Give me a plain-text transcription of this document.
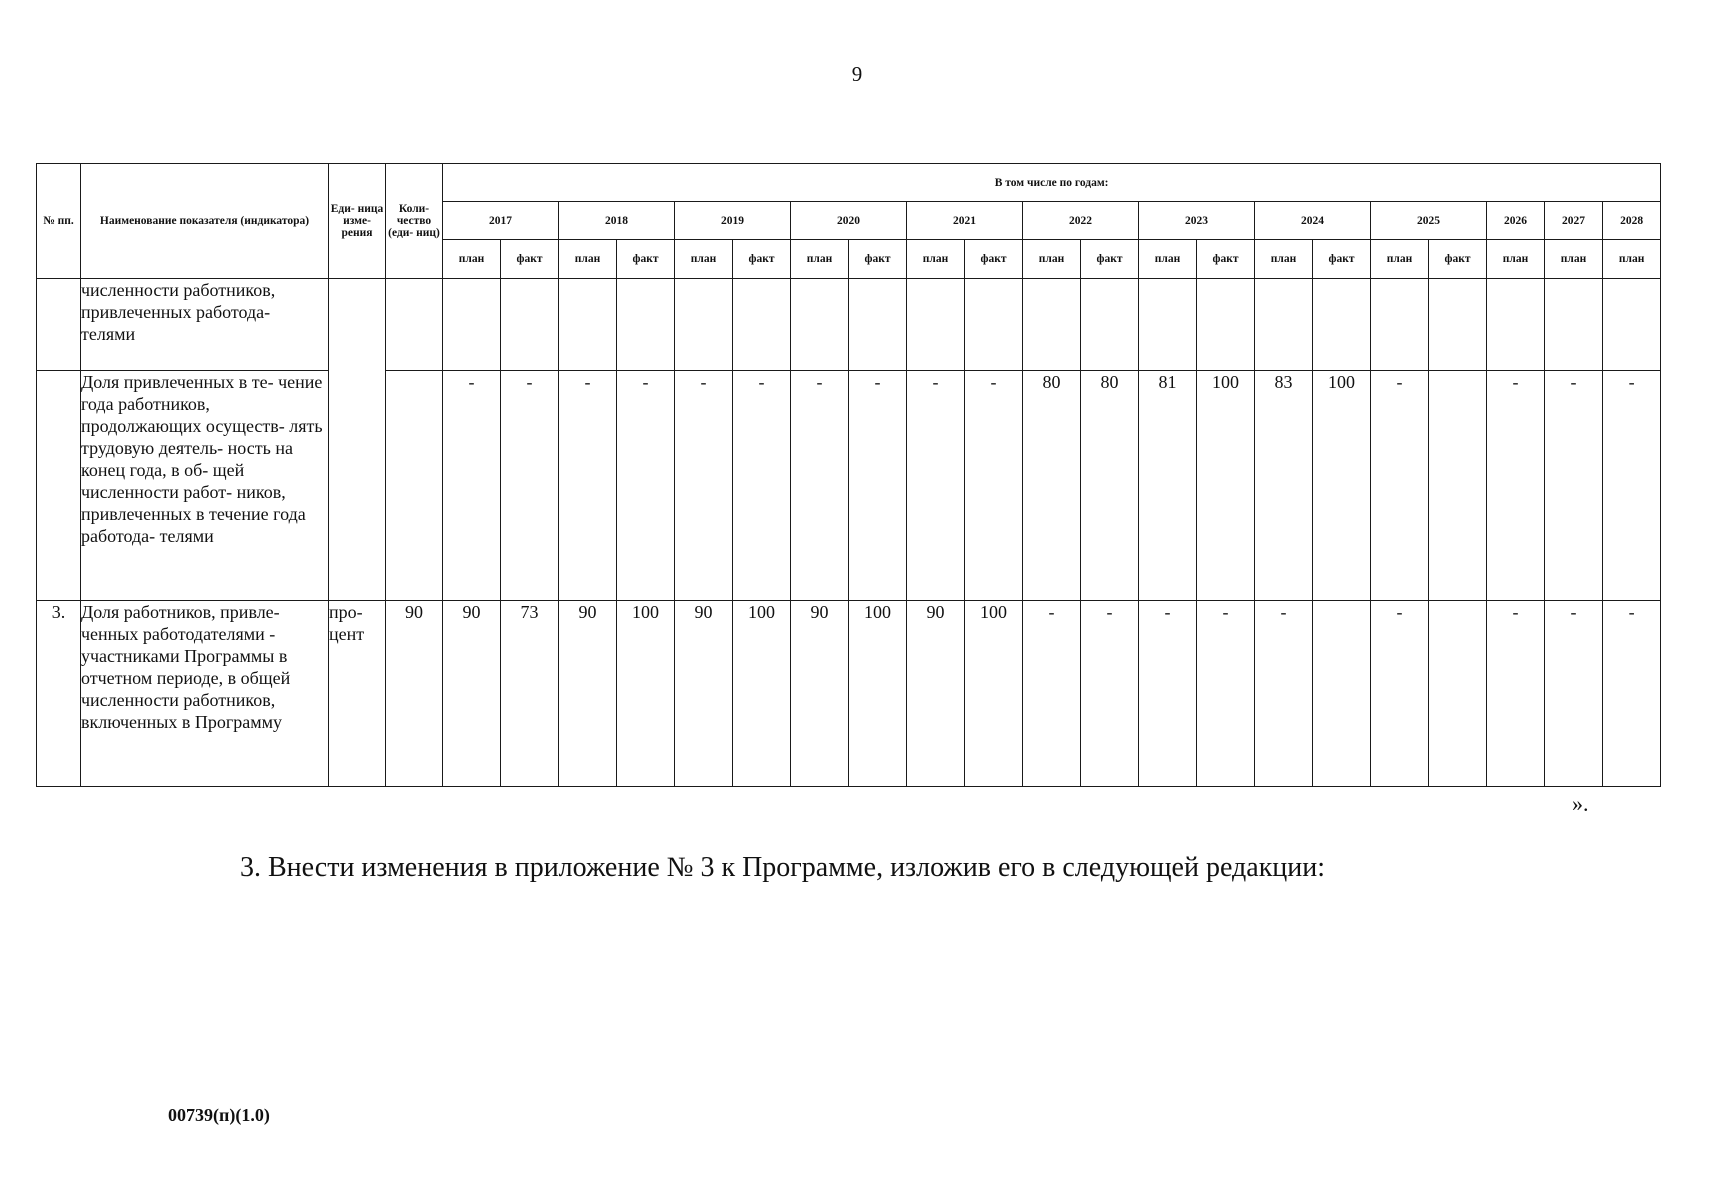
9
№ пп.	Наименование показателя (индикатора)	Еди- ница изме- рения	Коли- чество (еди- ниц)	В том числе по годам:																				
				2017		2018		2019		2020		2021		2022		2023		2024		2025		2026	2027	2028
				план	факт	план	факт	план	факт	план	факт	план	факт	план	факт	план	факт	план	факт	план	факт	план	план	план
	численности работников, привлеченных работода- телями																							
	Доля привлеченных в те- чение года работников, продолжающих осуществ- лять трудовую деятель- ность на конец года, в об- щей численности работ- ников, привлеченных в течение года работода- телями			-	-	-	-	-	-	-	-	-	-	80	80	81	100	83	100	-		-	-	-
3.	Доля работников, привле- ченных работодателями - участниками Программы в отчетном периоде, в общей численности работников, включенных в Программу	про- цент	90	90	73	90	100	90	100	90	100	90	100	-	-	-	-	-		-		-	-	-
».
3. Внести изменения в приложение № 3 к Программе, изложив его в следующей редакции:
00739(п)(1.0)
